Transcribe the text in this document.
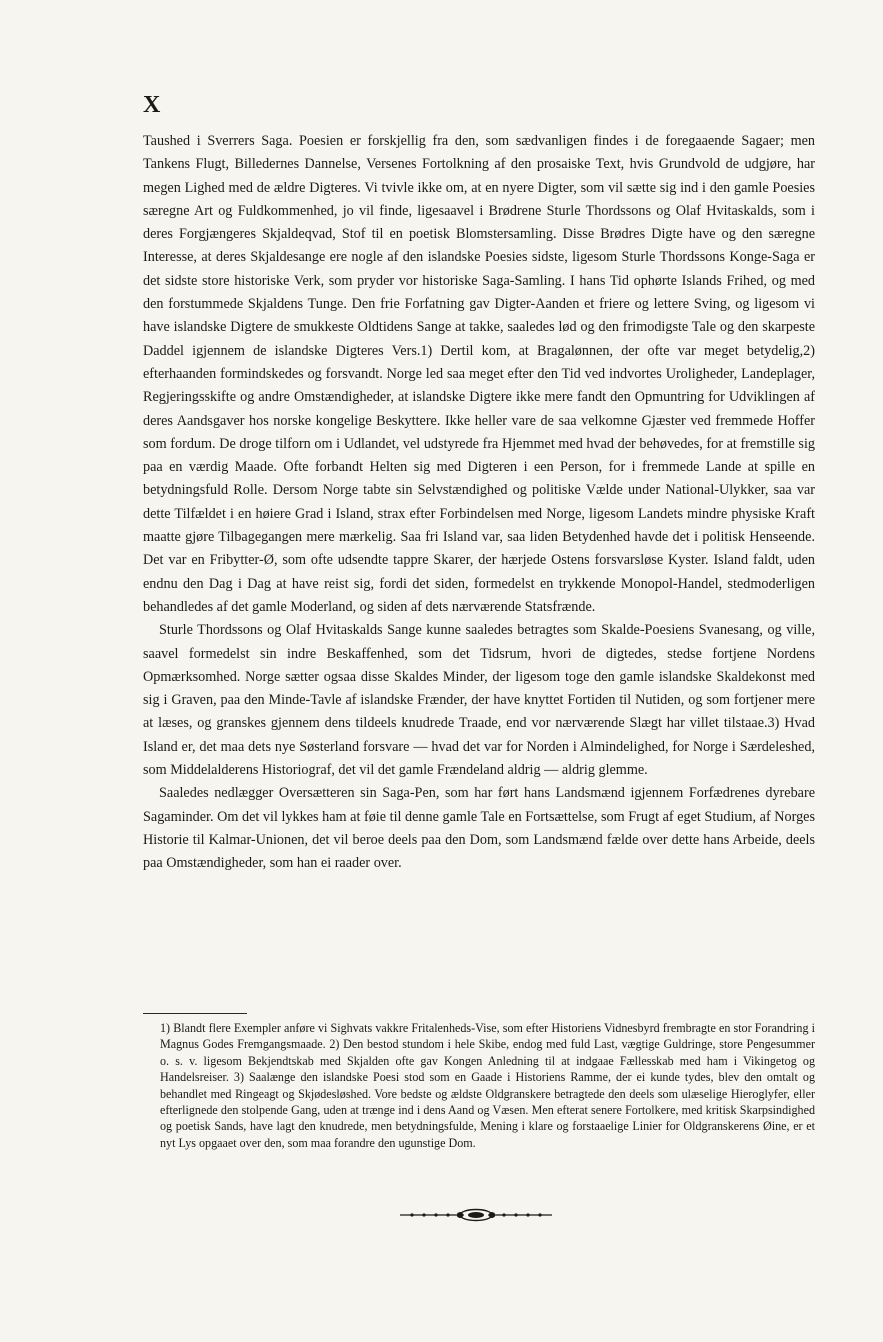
X

Taushed i Sverrers Saga. Poesien er forskjellig fra den, som sædvanligen findes i de foregaaende Sagaer; men Tankens Flugt, Billedernes Dannelse, Versenes Fortolkning af den prosaiske Text, hvis Grundvold de udgjøre, har megen Lighed med de ældre Digteres. Vi tvivle ikke om, at en nyere Digter, som vil sætte sig ind i den gamle Poesies særegne Art og Fuldkommenhed, jo vil finde, ligesaavel i Brødrene Sturle Thordssons og Olaf Hvitaskalds, som i deres Forgjængeres Skjaldeqvad, Stof til en poetisk Blomstersamling. Disse Brødres Digte have og den særegne Interesse, at deres Skjaldesange ere nogle af den islandske Poesies sidste, ligesom Sturle Thordssons Konge-Saga er det sidste store historiske Verk, som pryder vor historiske Saga-Samling. I hans Tid ophørte Islands Frihed, og med den forstummede Skjaldens Tunge. Den frie Forfatning gav Digter-Aanden et friere og lettere Sving, og ligesom vi have islandske Digtere de smukkeste Oldtidens Sange at takke, saaledes lød og den frimodigste Tale og den skarpeste Daddel igjennem de islandske Digteres Vers.1) Dertil kom, at Bragalønnen, der ofte var meget betydelig,2) efterhaanden formindskedes og forsvandt. Norge led saa meget efter den Tid ved indvortes Uroligheder, Landeplager, Regjeringsskifte og andre Omstændigheder, at islandske Digtere ikke mere fandt den Opmuntring for Udviklingen af deres Aandsgaver hos norske kongelige Beskyttere. Ikke heller vare de saa velkomne Gjæster ved fremmede Hoffer som fordum. De droge tilforn om i Udlandet, vel udstyrede fra Hjemmet med hvad der behøvedes, for at fremstille sig paa en værdig Maade. Ofte forbandt Helten sig med Digteren i een Person, for i fremmede Lande at spille en betydningsfuld Rolle. Dersom Norge tabte sin Selvstændighed og politiske Vælde under National-Ulykker, saa var dette Tilfældet i en høiere Grad i Island, strax efter Forbindelsen med Norge, ligesom Landets mindre physiske Kraft maatte gjøre Tilbagegangen mere mærkelig. Saa fri Island var, saa liden Betydenhed havde det i politisk Henseende. Det var en Fribytter-Ø, som ofte udsendte tappre Skarer, der hærjede Ostens forsvarsløse Kyster. Island faldt, uden endnu den Dag i Dag at have reist sig, fordi det siden, formedelst en trykkende Monopol-Handel, stedmoderligen behandledes af det gamle Moderland, og siden af dets nærværende Statsfrænde.

Sturle Thordssons og Olaf Hvitaskalds Sange kunne saaledes betragtes som Skalde-Poesiens Svanesang, og ville, saavel formedelst sin indre Beskaffenhed, som det Tidsrum, hvori de digtedes, stedse fortjene Nordens Opmærksomhed. Norge sætter ogsaa disse Skaldes Minder, der ligesom toge den gamle islandske Skaldekonst med sig i Graven, paa den Minde-Tavle af islandske Frænder, der have knyttet Fortiden til Nutiden, og som fortjener mere at læses, og granskes gjennem dens tildeels knudrede Traade, end vor nærværende Slægt har villet tilstaae.3) Hvad Island er, det maa dets nye Søsterland forsvare — hvad det var for Norden i Almindelighed, for Norge i Særdeleshed, som Middelalderens Historiograf, det vil det gamle Frændeland aldrig — aldrig glemme.

Saaledes nedlægger Oversætteren sin Saga-Pen, som har ført hans Landsmænd igjennem Forfædrenes dyrebare Sagaminder. Om det vil lykkes ham at føie til denne gamle Tale en Fortsættelse, som Frugt af eget Studium, af Norges Historie til Kalmar-Unionen, det vil beroe deels paa den Dom, som Landsmænd fælde over dette hans Arbeide, deels paa Omstændigheder, som han ei raader over.

1) Blandt flere Exempler anføre vi Sighvats vakkre Fritalenheds-Vise, som efter Historiens Vidnesbyrd frembragte en stor Forandring i Magnus Godes Fremgangsmaade. 2) Den bestod stundom i hele Skibe, endog med fuld Last, vægtige Guldringe, store Pengesummer o. s. v. ligesom Bekjendtskab med Skjalden ofte gav Kongen Anledning til at indgaae Fællesskab med ham i Vikingetog og Handelsreiser. 3) Saalænge den islandske Poesi stod som en Gaade i Historiens Ramme, der ei kunde tydes, blev den omtalt og behandlet med Ringeagt og Skjødesløshed. Vore bedste og ældste Oldgranskere betragtede den deels som ulæselige Hieroglyfer, eller efterlignede den stolpende Gang, uden at trænge ind i dens Aand og Væsen. Men efterat senere Fortolkere, med kritisk Skarpsindighed og poetisk Sands, have lagt den knudrede, men betydningsfulde, Mening i klare og forstaaelige Linier for Oldgranskerens Øine, er et nyt Lys opgaaet over den, som maa forandre den ugunstige Dom.
